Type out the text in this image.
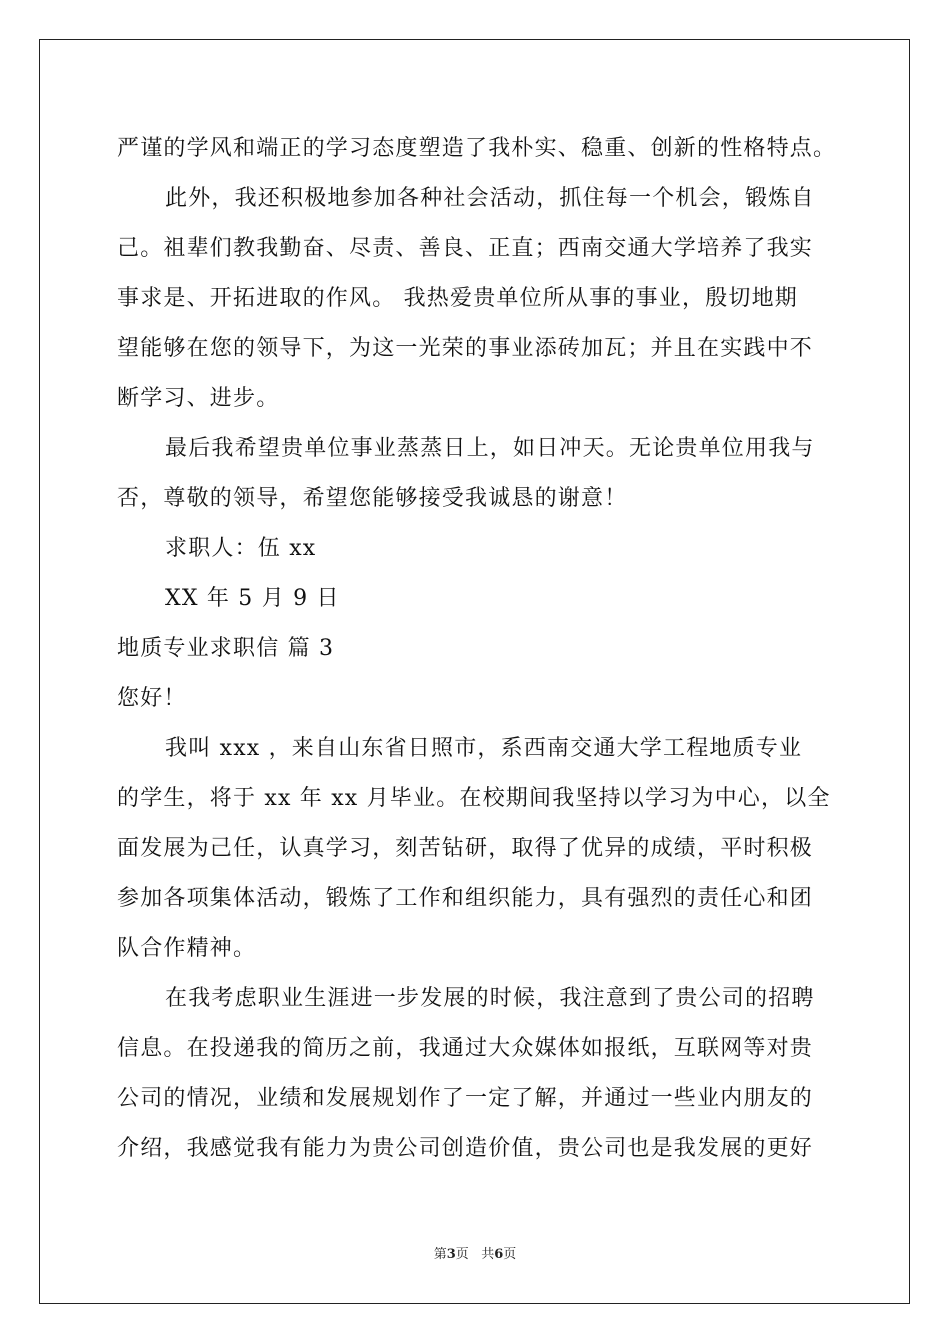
严谨的学风和端正的学习态度塑造了我朴实、稳重、创新的性格特点。
此外，我还积极地参加各种社会活动，抓住每一个机会，锻炼自
己。祖辈们教我勤奋、尽责、善良、正直；西南交通大学培养了我实
事求是、开拓进取的作风。 我热爱贵单位所从事的事业，殷切地期
望能够在您的领导下，为这一光荣的事业添砖加瓦；并且在实践中不
断学习、进步。
最后我希望贵单位事业蒸蒸日上，如日冲天。无论贵单位用我与
否，尊敬的领导，希望您能够接受我诚恳的谢意！
求职人：伍 xx
XX 年 5 月 9 日
地质专业求职信 篇 3
您好！
我叫 xxx ，来自山东省日照市，系西南交通大学工程地质专业
的学生，将于 xx 年 xx 月毕业。在校期间我坚持以学习为中心，以全
面发展为己任，认真学习，刻苦钻研，取得了优异的成绩，平时积极
参加各项集体活动，锻炼了工作和组织能力，具有强烈的责任心和团
队合作精神。
在我考虑职业生涯进一步发展的时候，我注意到了贵公司的招聘
信息。在投递我的简历之前，我通过大众媒体如报纸，互联网等对贵
公司的情况，业绩和发展规划作了一定了解，并通过一些业内朋友的
介绍，我感觉我有能力为贵公司创造价值，贵公司也是我发展的更好
第3页 共6页
